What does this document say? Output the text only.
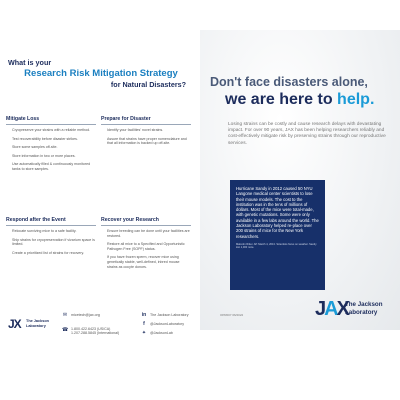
What is your
Research Risk Mitigation Strategy
for Natural Disasters?
Mitigate Loss
Cryopreserve your strains with a reliable method.
Test recoverability before disaster strikes.
Store some samples off-site.
Store information in two or more places.
Use automatically filled & continuously monitored tanks to store samples.
Prepare for Disaster
Identify your facilities' novel strains.
Assure that strains have proper nomenclature and that all information is backed up off-site.
Respond after the Event
Relocate surviving mice to a safe facility.
Ship strains for cryopreservation if vivarium space is limited.
Create a prioritized list of strains for recovery.
Recover your Research
Ensure breeding can be done until your facilities are restored.
Restore all mice to a Specified and Opportunistic Pathogen Free (SOPF) status.
If you have frozen sperm, recover mice using genetically stable, well-defined, inbred mouse strains as oocyte donors.
Don't face disasters alone,
we are here to help.
Losing strains can be costly and cause research delays with devastating impact. For over 90 years, JAX has been helping researchers reliably and cost-effectively mitigate risk by preserving strains through our reproductive services.
Hurricane Sandy in 2012 caused 50 NYU Langone medical center scientists to lose their mouse models. The cost to the institution was in the tens of millions of dollars. Most of the mice were total-made, with genetic mutations. Some were only available in a few labs around the world. The Jackson Laboratory helped re-place over 200 strains of mice for the New York researchers.
Malcolm Ritter. AP. March 4, 2013. Scientists focus on weather. Sandy lost 1,000 mice.
OPR007 06/2022	JAX
The Jackson
Laboratory
JX The Jackson Laboratory
✉ micetech@jax.org
☎ 1.800.422.6423 (US/CA)
1.207.288.5845 (International)
in The Jackson Laboratory
f	@JacksonLaboratory
✦ @JacksonLab
